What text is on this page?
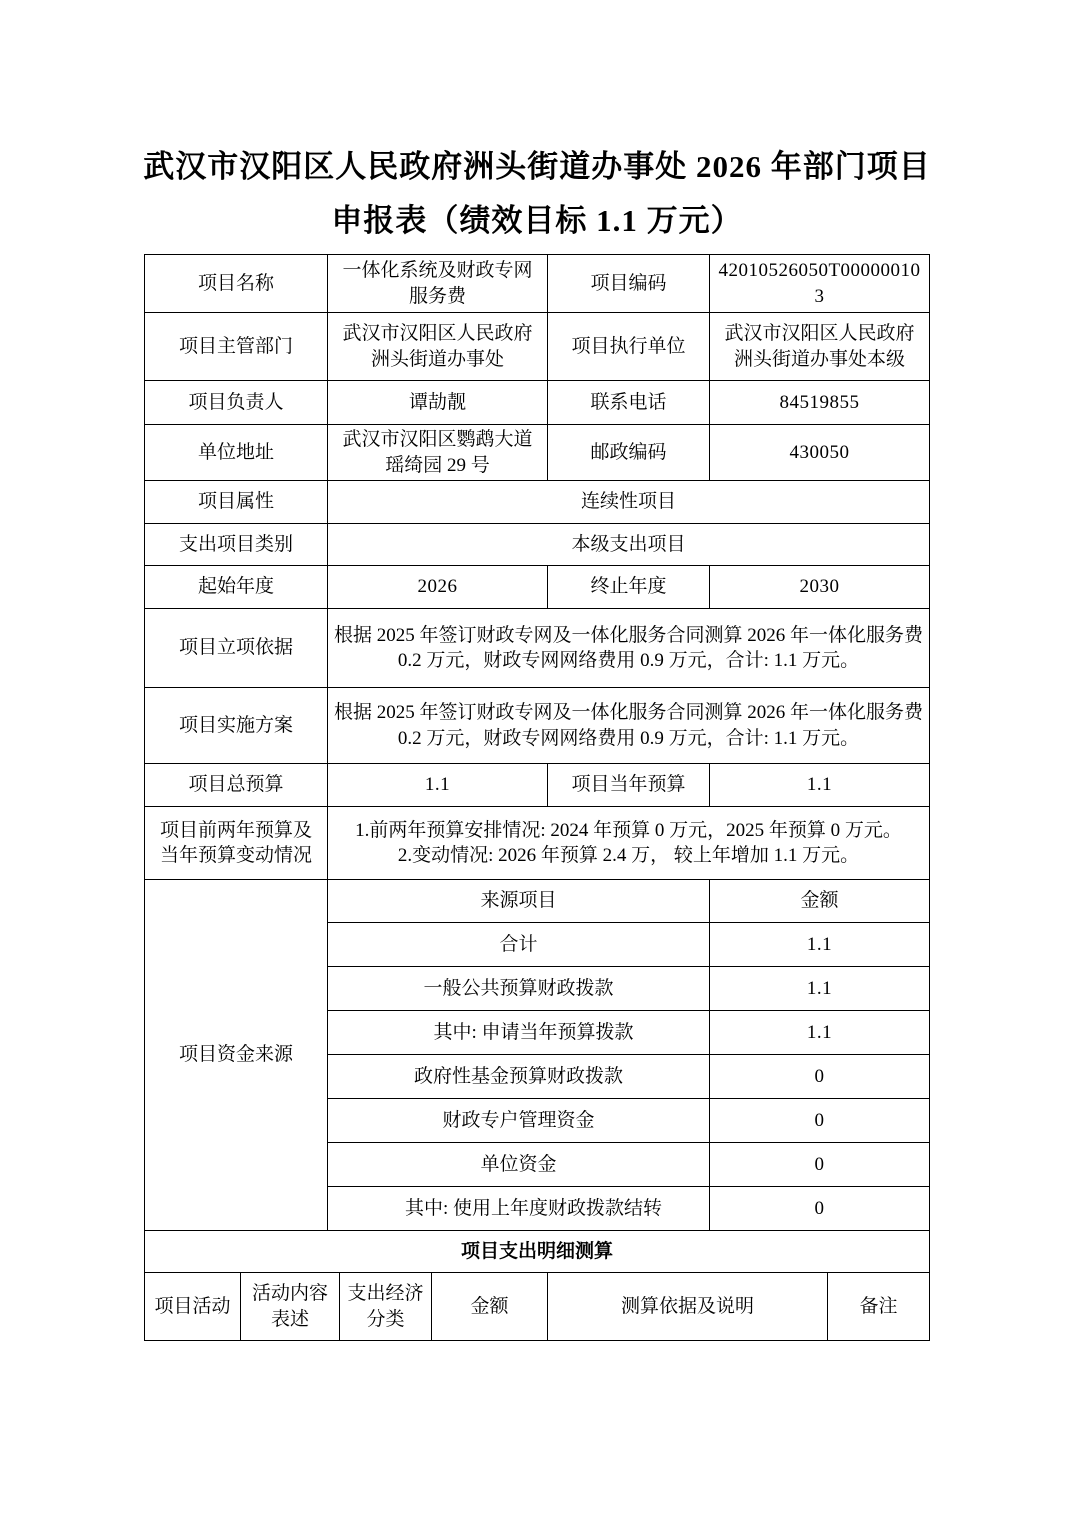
武汉市汉阳区人民政府洲头街道办事处 2026 年部门项目
申报表（绩效目标 1.1 万元）
项目名称		一体化系统及财政专网服务费			项目编码	42010526050T000000103	
项目主管部门		武汉市汉阳区人民政府洲头街道办事处			项目执行单位	武汉市汉阳区人民政府洲头街道办事处本级	
项目负责人		谭劼靓			联系电话	84519855	
单位地址		武汉市汉阳区鹦鹉大道瑶绮园 29 号			邮政编码	430050	
项目属性		连续性项目					
支出项目类别		本级支出项目					
起始年度		2026			终止年度	2030	
项目立项依据		根据 2025 年签订财政专网及一体化服务合同测算 2026 年一体化服务费 0.2 万元，财政专网网络费用 0.9 万元，合计: 1.1 万元。					
项目实施方案		根据 2025 年签订财政专网及一体化服务合同测算 2026 年一体化服务费 0.2 万元，财政专网网络费用 0.9 万元，合计: 1.1 万元。					
项目总预算		1.1			项目当年预算	1.1	
项目前两年预算及当年预算变动情况		1.前两年预算安排情况: 2024 年预算 0 万元，2025 年预算 0 万元。
2.变动情况: 2026 年预算 2.4 万， 较上年增加 1.1 万元。					

项目资金来源		来源项目				金额	
		合计				1.1	
		一般公共预算财政拨款				1.1	
		其中: 申请当年预算拨款				1.1	
		政府性基金预算财政拨款				0	
		财政专户管理资金				0	
		单位资金				0	
		其中: 使用上年度财政拨款结转				0	
项目支出明细测算							
项目活动	活动内容表述		支出经济分类	金额	测算依据及说明		备注
